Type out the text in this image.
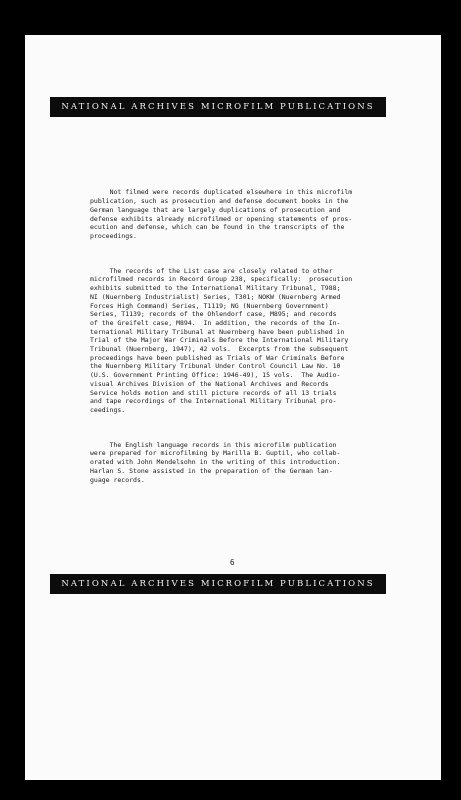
NATIONAL ARCHIVES MICROFILM PUBLICATIONS

Not filmed were records duplicated elsewhere in this microfilm
publication, such as prosecution and defense document books in the
German language that are largely duplications of prosecution and
defense exhibits already microfilmed or opening statements of pros-
ecution and defense, which can be found in the transcripts of the
proceedings.

The records of the List case are closely related to other
microfilmed records in Record Group 238, specifically:  prosecution
exhibits submitted to the International Military Tribunal, T988;
NI (Nuernberg Industrialist) Series, T301; NOKW (Nuernberg Armed
Forces High Command) Series, T1119; NG (Nuernberg Government)
Series, T1139; records of the Ohlendorf case, M895; and records
of the Greifelt case, M894.  In addition, the records of the In-
ternational Military Tribunal at Nuernberg have been published in
Trial of the Major War Criminals Before the International Military
Tribunal (Nuernberg, 1947), 42 vols.  Excerpts from the subsequent
proceedings have been published as Trials of War Criminals Before
the Nuernberg Military Tribunal Under Control Council Law No. 10
(U.S. Government Printing Office: 1946-49), 15 vols.  The Audio-
visual Archives Division of the National Archives and Records
Service holds motion and still picture records of all 13 trials
and tape recordings of the International Military Tribunal pro-
ceedings.

The English language records in this microfilm publication
were prepared for microfilming by Marilla B. Guptil, who collab-
orated with John Mendelsohn in the writing of this introduction.
Harlan S. Stone assisted in the preparation of the German lan-
guage records.

6
NATIONAL ARCHIVES MICROFILM PUBLICATIONS
